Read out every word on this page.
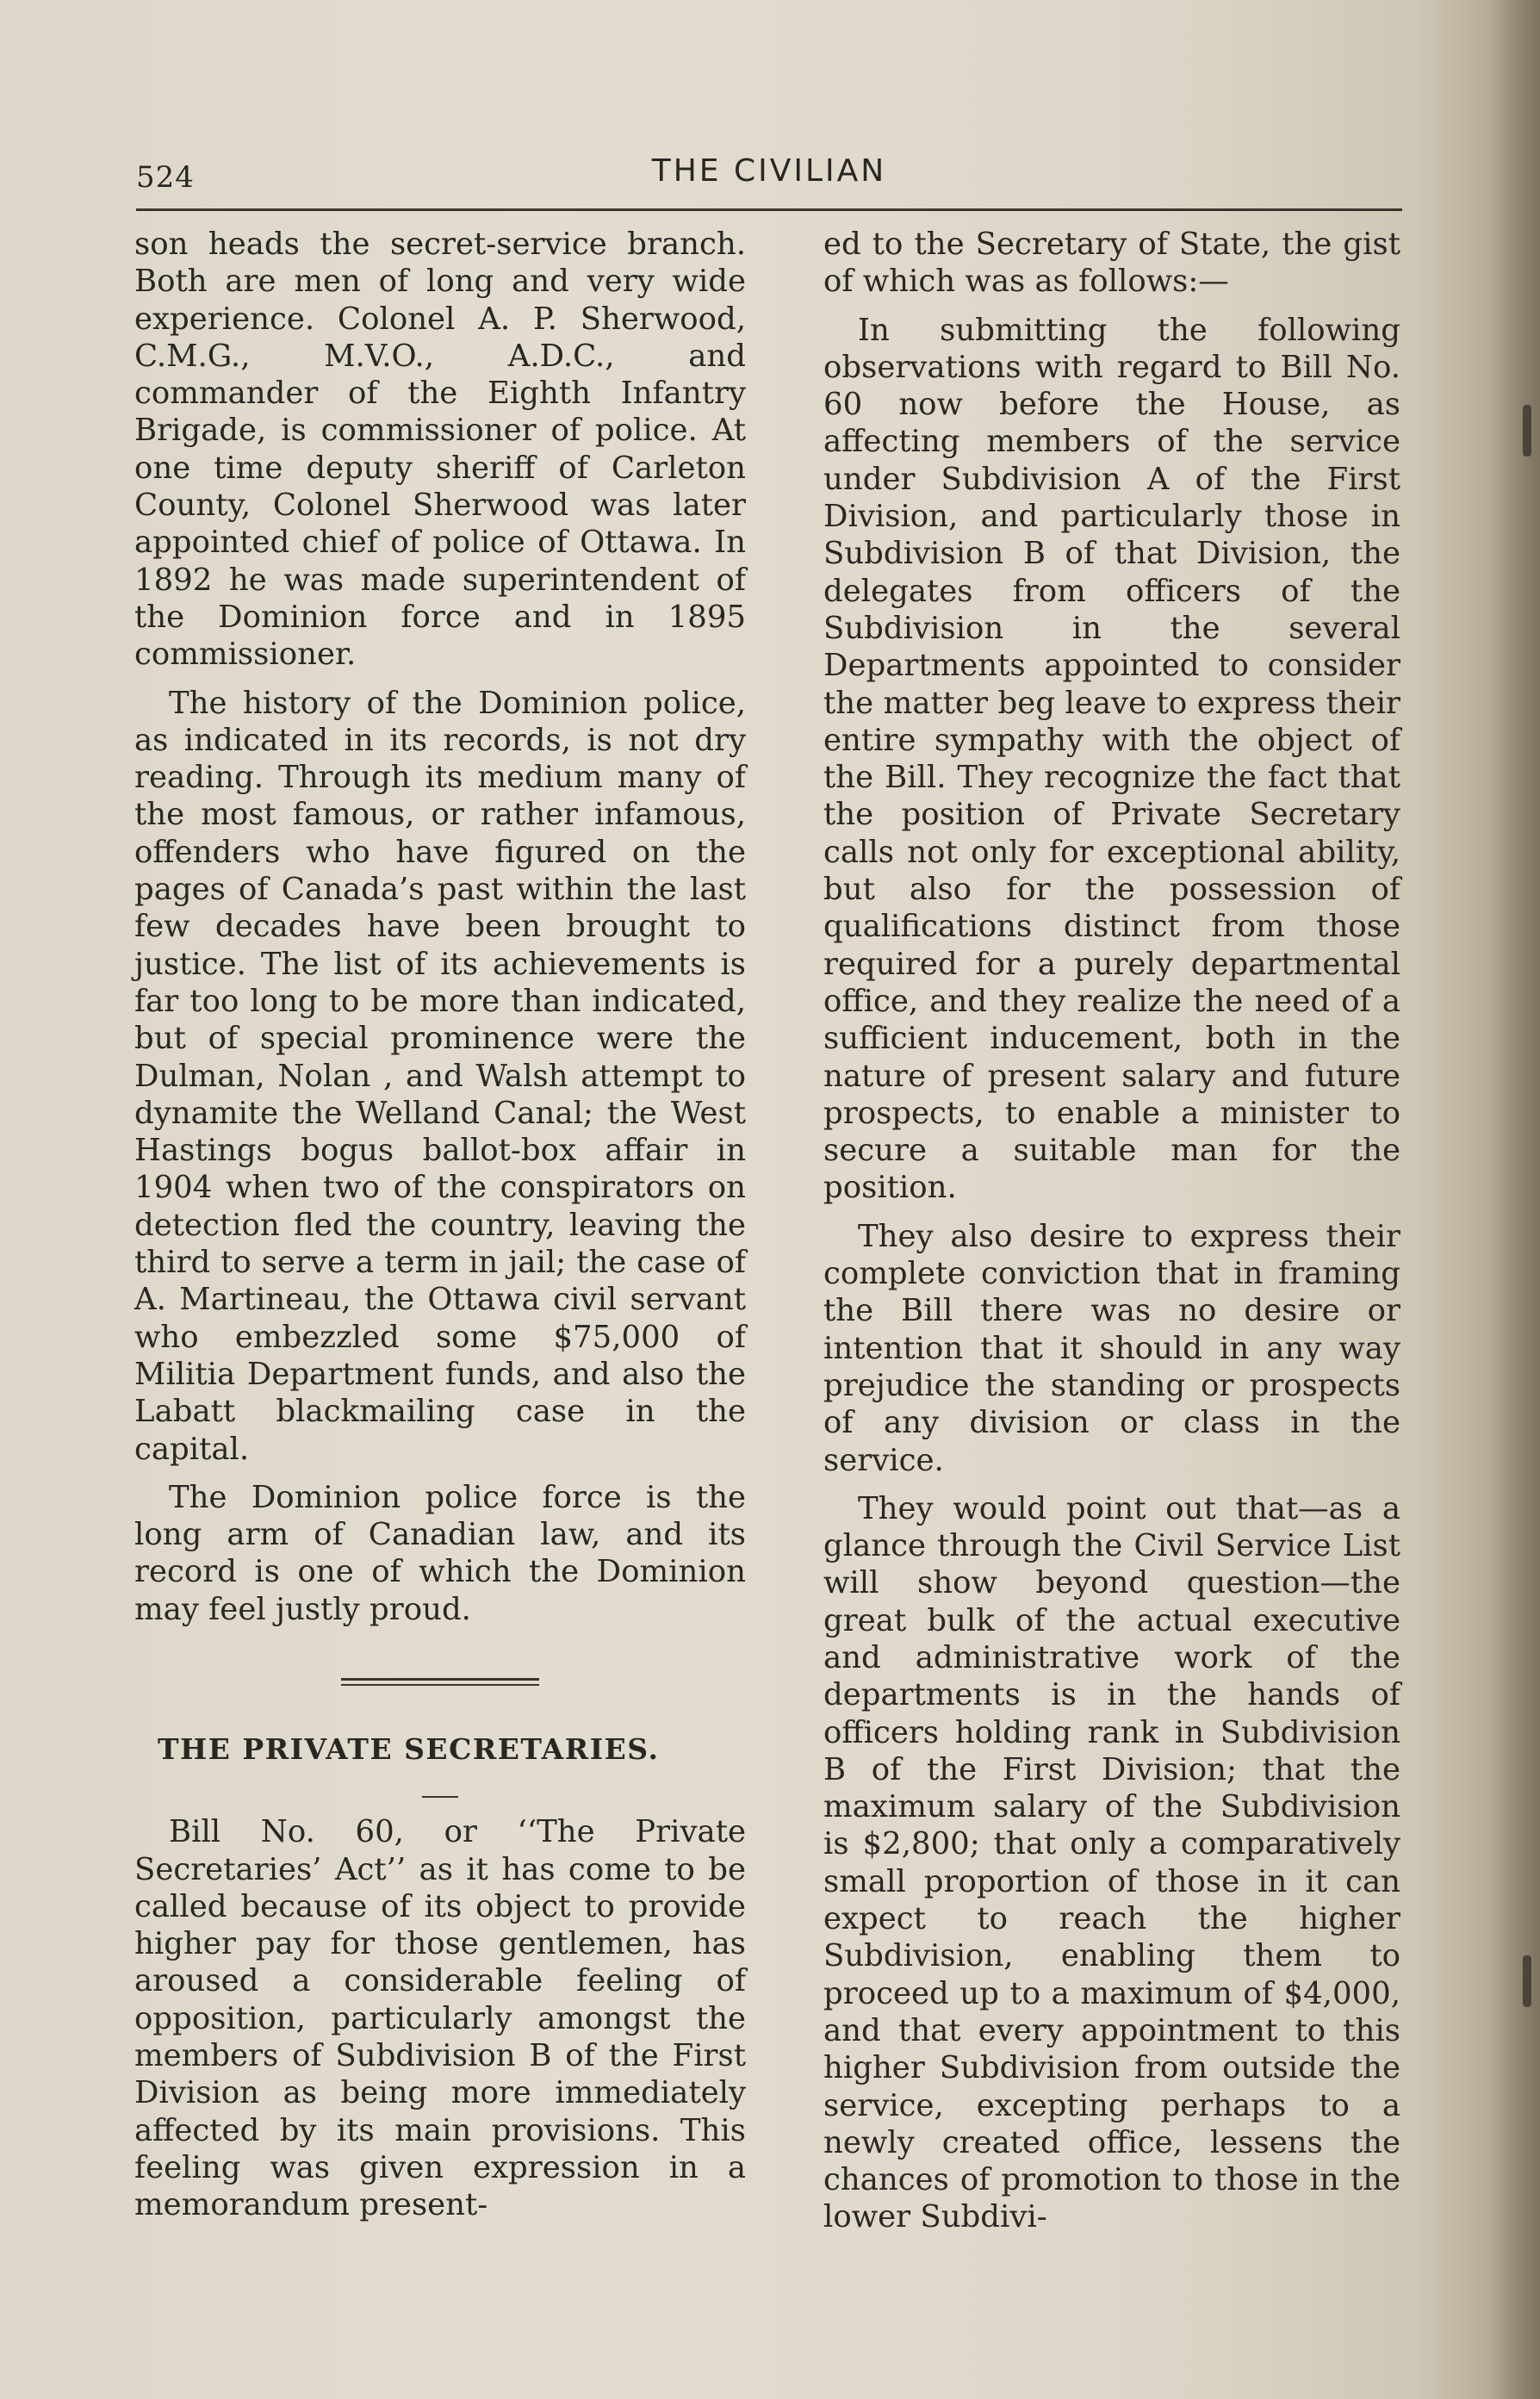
524	THE CIVILIAN

son heads the secret-service branch. Both are men of long and very wide experience. Colonel A. P. Sherwood, C.M.G., M.V.O., A.D.C., and commander of the Eighth Infantry Brigade, is commissioner of police. At one time deputy sheriff of Carleton County, Colonel Sherwood was later appointed chief of police of Ottawa. In 1892 he was made superintendent of the Dominion force and in 1895 commissioner.

The history of the Dominion police, as indicated in its records, is not dry reading. Through its medium many of the most famous, or rather infamous, offenders who have figured on the pages of Canada’s past within the last few decades have been brought to justice. The list of its achievements is far too long to be more than indicated, but of special prominence were the Dulman, Nolan , and Walsh attempt to dynamite the Welland Canal; the West Hastings bogus ballot-box affair in 1904 when two of the conspirators on detection fled the country, leaving the third to serve a term in jail; the case of A. Martineau, the Ottawa civil servant who embezzled some $75,000 of Militia Department funds, and also the Labatt blackmailing case in the capital.

The Dominion police force is the long arm of Canadian law, and its record is one of which the Dominion may feel justly proud.

THE PRIVATE SECRETARIES.

Bill No. 60, or ‘‘The Private Secretaries’ Act’’ as it has come to be called because of its object to provide higher pay for those gentlemen, has aroused a considerable feeling of opposition, particularly amongst the members of Subdivision B of the First Division as being more immediately affected by its main provisions. This feeling was given expression in a memorandum present-

ed to the Secretary of State, the gist of which was as follows:—

In submitting the following observations with regard to Bill No. 60 now before the House, as affecting members of the service under Subdivision A of the First Division, and particularly those in Subdivision B of that Division, the delegates from officers of the Subdivision in the several Departments appointed to consider the matter beg leave to express their entire sympathy with the object of the Bill. They recognize the fact that the position of Private Secretary calls not only for exceptional ability, but also for the possession of qualifications distinct from those required for a purely departmental office, and they realize the need of a sufficient inducement, both in the nature of present salary and future prospects, to enable a minister to secure a suitable man for the position.

They also desire to express their complete conviction that in framing the Bill there was no desire or intention that it should in any way prejudice the standing or prospects of any division or class in the service.

They would point out that—as a glance through the Civil Service List will show beyond question—the great bulk of the actual executive and administrative work of the departments is in the hands of officers holding rank in Subdivision B of the First Division; that the maximum salary of the Subdivision is $2,800; that only a comparatively small proportion of those in it can expect to reach the higher Subdivision, enabling them to proceed up to a maximum of $4,000, and that every appointment to this higher Subdivision from outside the service, excepting perhaps to a newly created office, lessens the chances of promotion to those in the lower Subdivi-
